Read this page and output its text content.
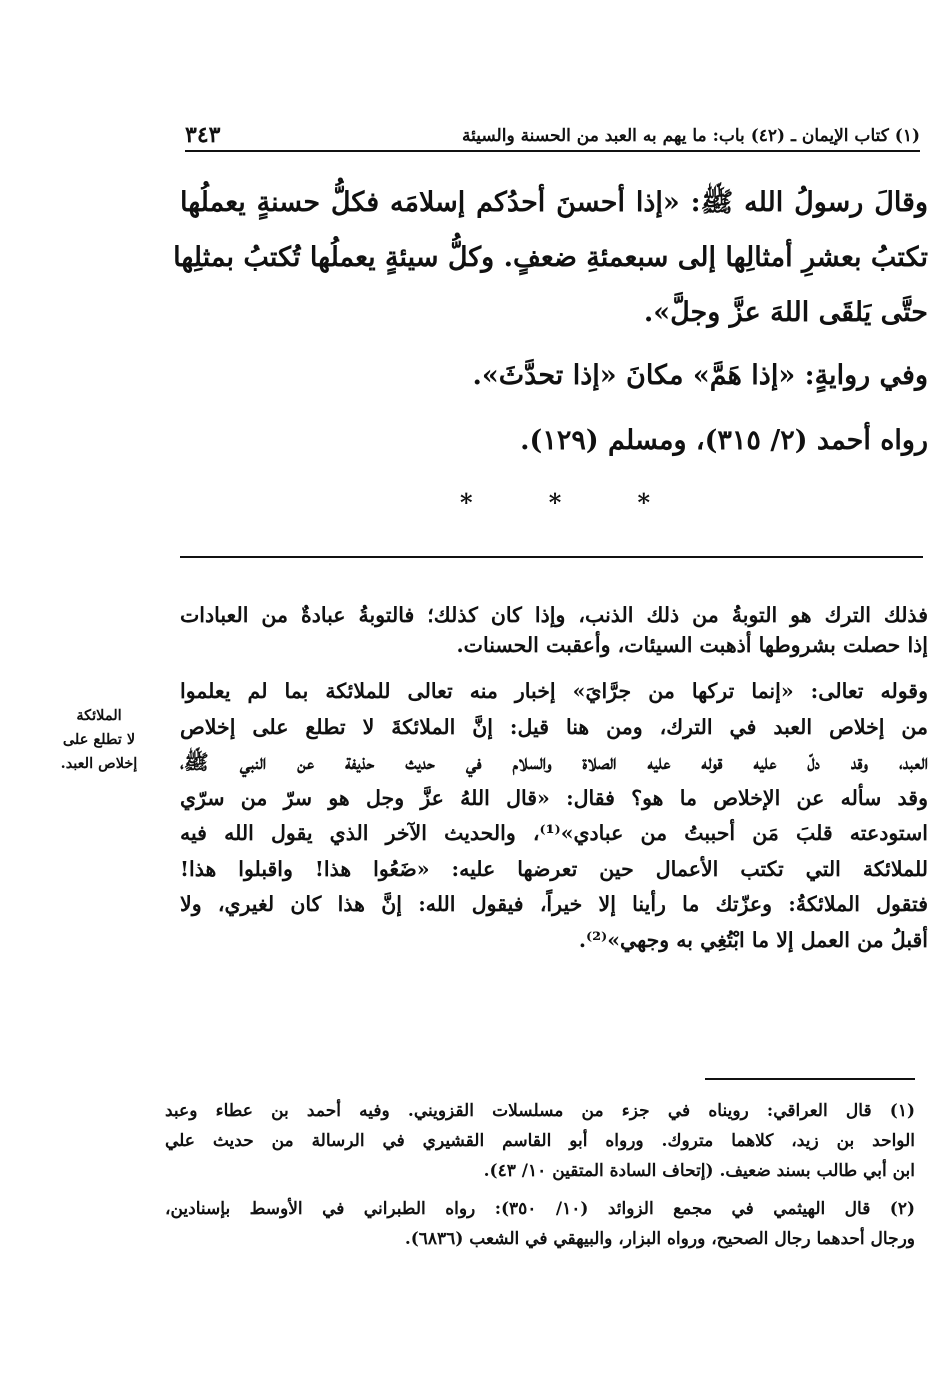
(١) كتاب الإيمان ـ (٤٢) باب: ما يهم به العبد من الحسنة والسيئة
٣٤٣
وقالَ رسولُ الله ﷺ: «إذا أحسنَ أحدُكم إسلامَه فكلُّ حسنةٍ يعملُها
تكتبُ بعشرِ أمثالِها إلى سبعمئةِ ضعفٍ. وكلُّ سيئةٍ يعملُها تُكتبُ بمثلِها
حتَّى يَلقَى اللهَ عزَّ وجلَّ».
وفي روايةٍ: «إذا هَمَّ» مكانَ «إذا تحدَّثَ».
رواه أحمد (٢/ ٣١٥)، ومسلم (١٢٩).
*	*	*
فذلك الترك هو التوبةُ من ذلك الذنب، وإذا كان كذلك؛ فالتوبةُ عبادةٌ من العبادات
إذا حصلت بشروطها أذهبت السيئات، وأعقبت الحسنات.
وقوله تعالى: «إنما تركها من جرَّايَ» إخبار منه تعالى للملائكة بما لم يعلموا
من إخلاص العبد في الترك، ومن هنا قيل: إنَّ الملائكةَ لا تطلع على إخلاص
العبد، وقد دلّ عليه قوله عليه الصلاة والسلام في حديث حذيفة عن النبي ﷺ،
وقد سأله عن الإخلاص ما هو؟ فقال: «قال اللهُ عزَّ وجل هو سرّ من سرّي
استودعته قلبَ مَن أحببتُ من عبادي»⁽¹⁾، والحديث الآخر الذي يقول الله فيه
للملائكة التي تكتب الأعمال حين تعرضها عليه: «ضَعُوا هذا! واقبلوا هذا!
فتقول الملائكةُ: وعزّتك ما رأينا إلا خيراً، فيقول الله: إنَّ هذا كان لغيري، ولا
أقبلُ من العمل إلا ما ابْتُغِي به وجهي»⁽²⁾.
الملائكة
لا تطلع على
إخلاص العبد.
(١) قال العراقي: رويناه في جزء من مسلسلات القزويني. وفيه أحمد بن عطاء وعبد
الواحد بن زيد، كلاهما متروك. ورواه أبو القاسم القشيري في الرسالة من حديث علي
ابن أبي طالب بسند ضعيف. (إتحاف السادة المتقين ١٠/ ٤٣).
(٢) قال الهيثمي في مجمع الزوائد (١٠/ ٣٥٠): رواه الطبراني في الأوسط بإسنادين،
ورجال أحدهما رجال الصحيح، ورواه البزار، والبيهقي في الشعب (٦٨٣٦).
